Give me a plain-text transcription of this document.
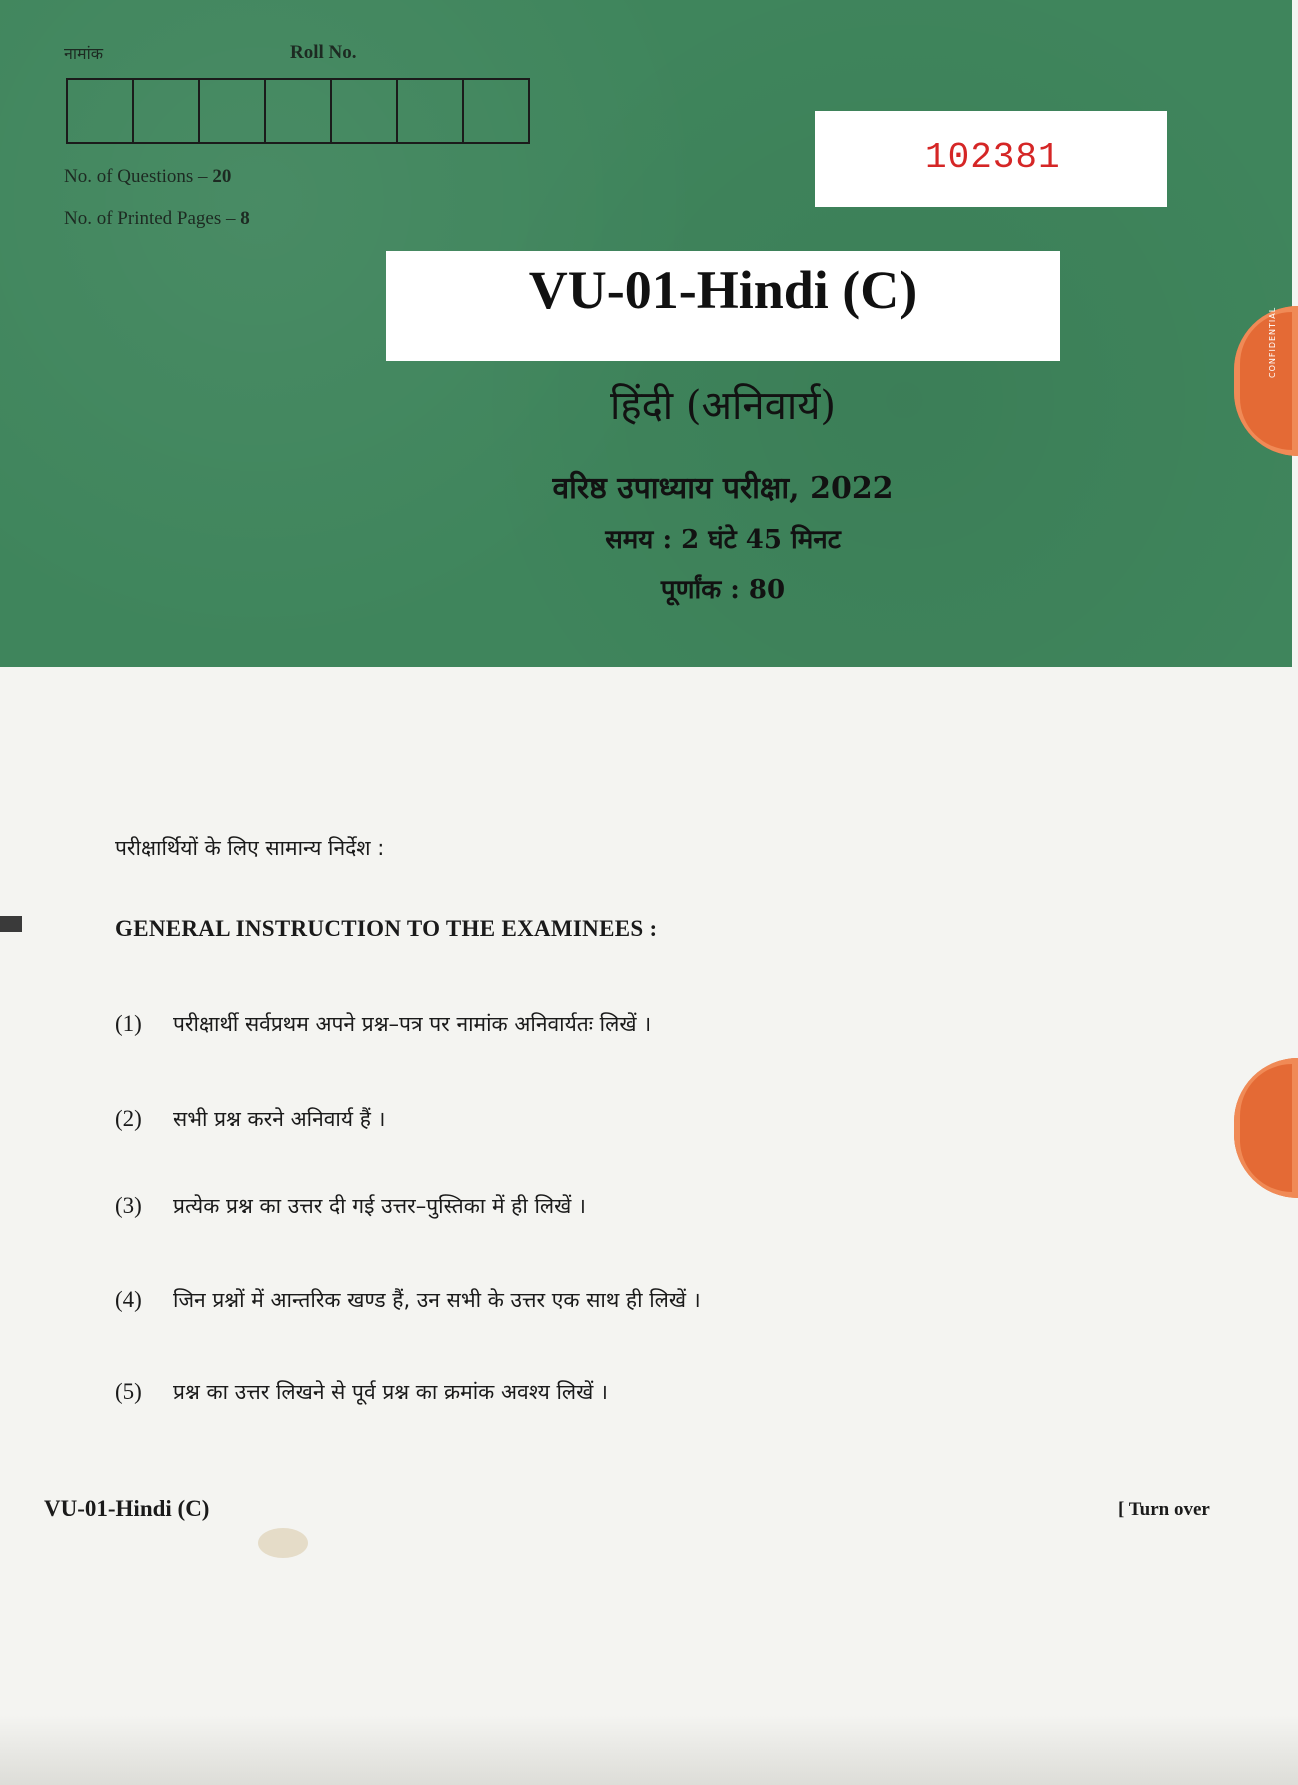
नामांक	Roll No.
No. of Questions – 20
No. of Printed Pages – 8
102381
VU-01-Hindi (C)
हिंदी (अनिवार्य)
वरिष्ठ उपाध्याय परीक्षा, 2022
समय : 2 घंटे 45 मिनट
पूर्णांक : 80
CONFIDENTIAL
परीक्षार्थियों के लिए सामान्य निर्देश :
GENERAL INSTRUCTION TO THE EXAMINEES :
(1) परीक्षार्थी सर्वप्रथम अपने प्रश्न–पत्र पर नामांक अनिवार्यतः लिखें ।
(2) सभी प्रश्न करने अनिवार्य हैं ।
(3) प्रत्येक प्रश्न का उत्तर दी गई उत्तर–पुस्तिका में ही लिखें ।
(4) जिन प्रश्नों में आन्तरिक खण्ड हैं, उन सभी के उत्तर एक साथ ही लिखें ।
(5) प्रश्न का उत्तर लिखने से पूर्व प्रश्न का क्रमांक अवश्य लिखें ।
VU-01-Hindi (C)	[ Turn over
